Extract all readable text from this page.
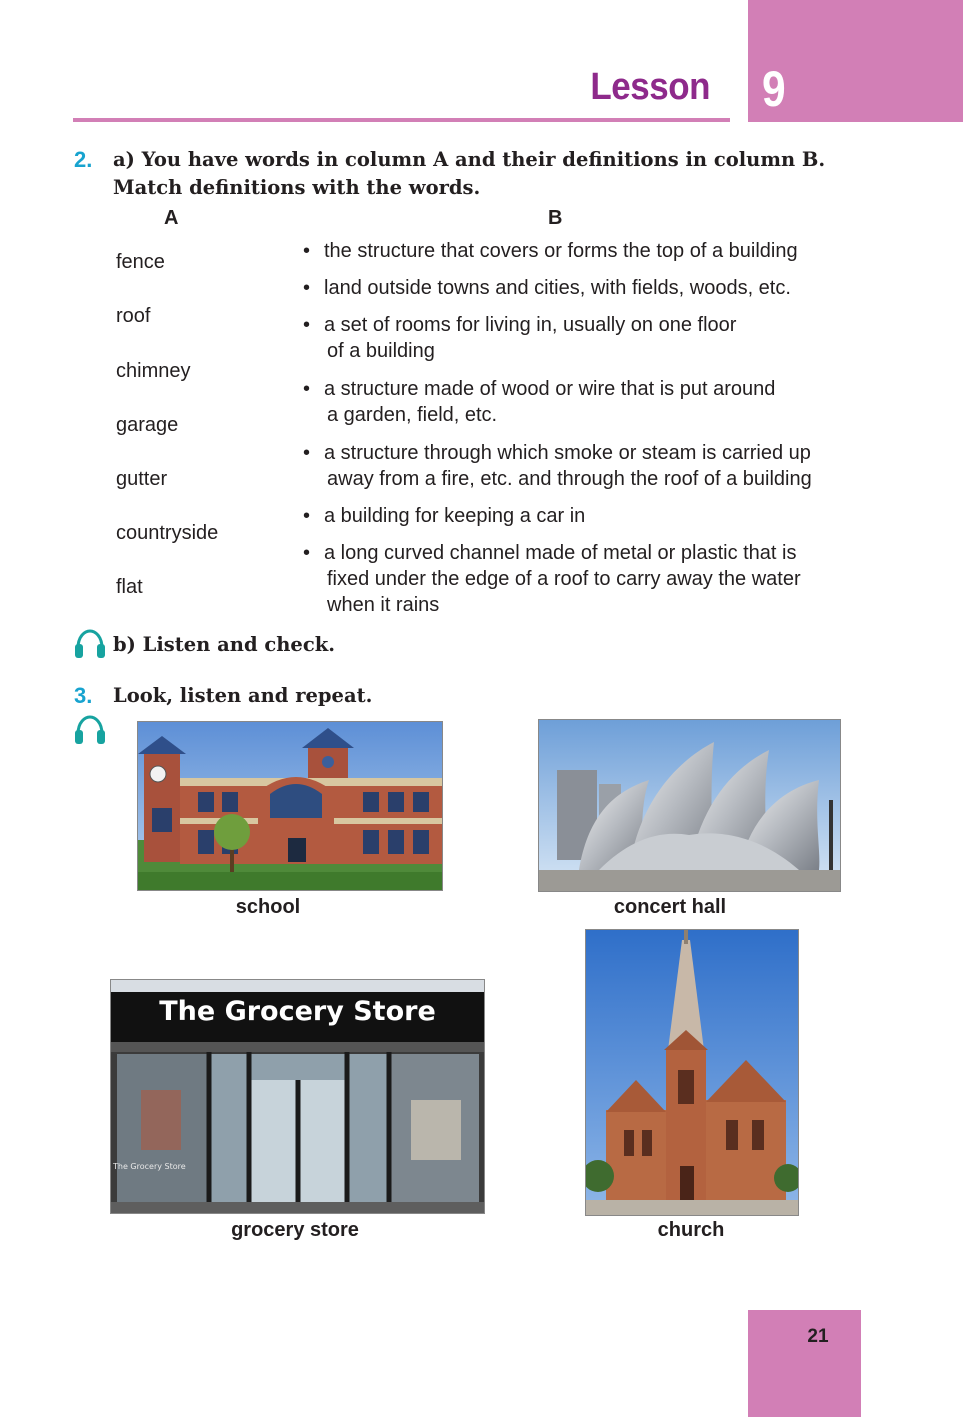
9
Lesson
2. a) You have words in column A and their definitions in column B.
Match definitions with the words.
A	B
fence
roof
chimney
garage
gutter
countryside
flat
• the structure that covers or forms the top of a building
• land outside towns and cities, with fields, woods, etc.
• a set of rooms for living in, usually on one floor
of a building
• a structure made of wood or wire that is put around
a garden, field, etc.
• a structure through which smoke or steam is carried up
away from a fire, etc. and through the roof of a building
• a building for keeping a car in
• a long curved channel made of metal or plastic that is
fixed under the edge of a roof to carry away the water
when it rains
b) Listen and check.
3. Look, listen and repeat.
school	concert hall
The Grocery Store
The Grocery Store
grocery store	church
21
